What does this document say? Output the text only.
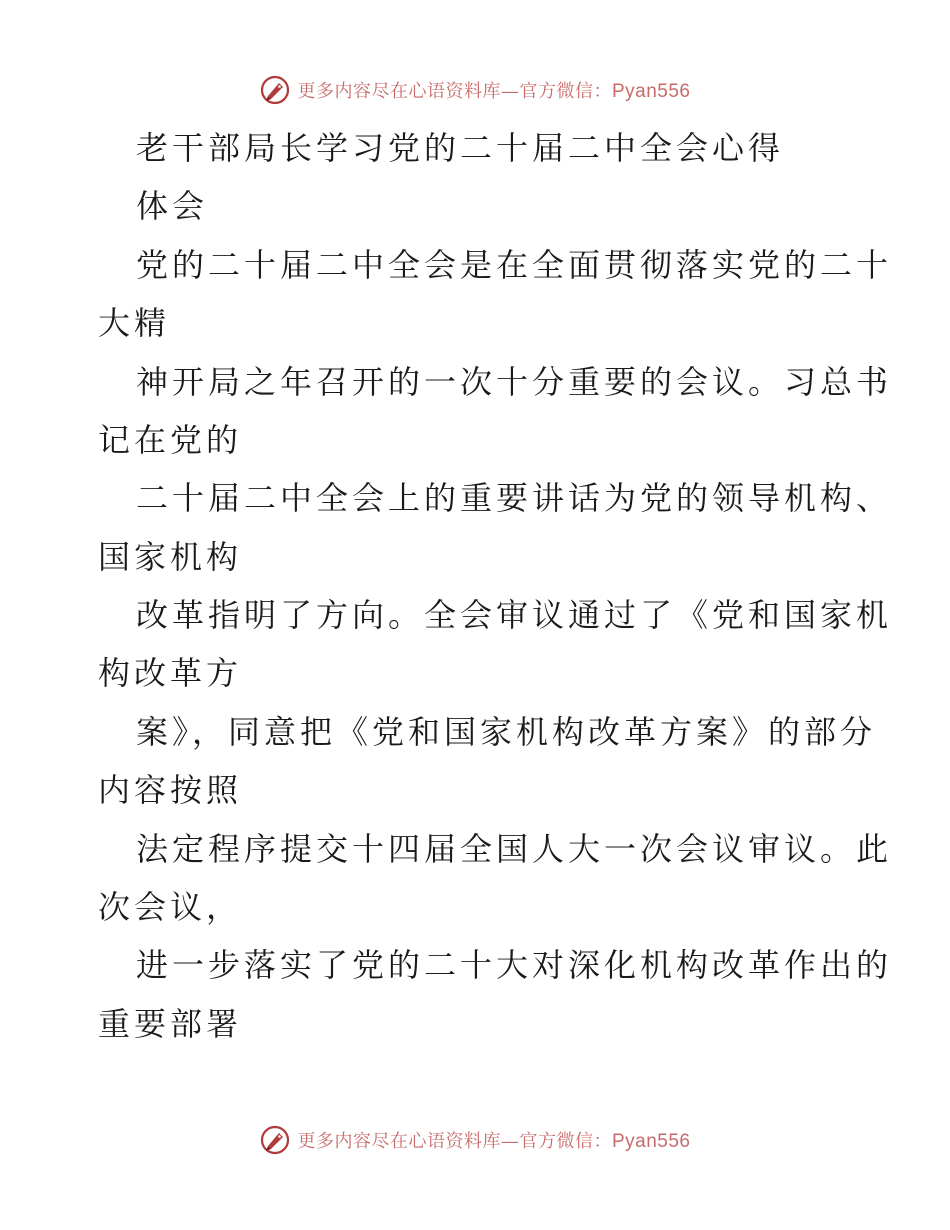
更多内容尽在心语资料库—官方微信：Pyan556
老干部局长学习党的二十届二中全会心得
体会
党的二十届二中全会是在全面贯彻落实党的二十
大精
神开局之年召开的一次十分重要的会议。习总书
记在党的
二十届二中全会上的重要讲话为党的领导机构、
国家机构
改革指明了方向。全会审议通过了《党和国家机
构改革方
案》，同意把《党和国家机构改革方案》的部分
内容按照
法定程序提交十四届全国人大一次会议审议。此
次会议，
进一步落实了党的二十大对深化机构改革作出的
重要部署
更多内容尽在心语资料库—官方微信：Pyan556
